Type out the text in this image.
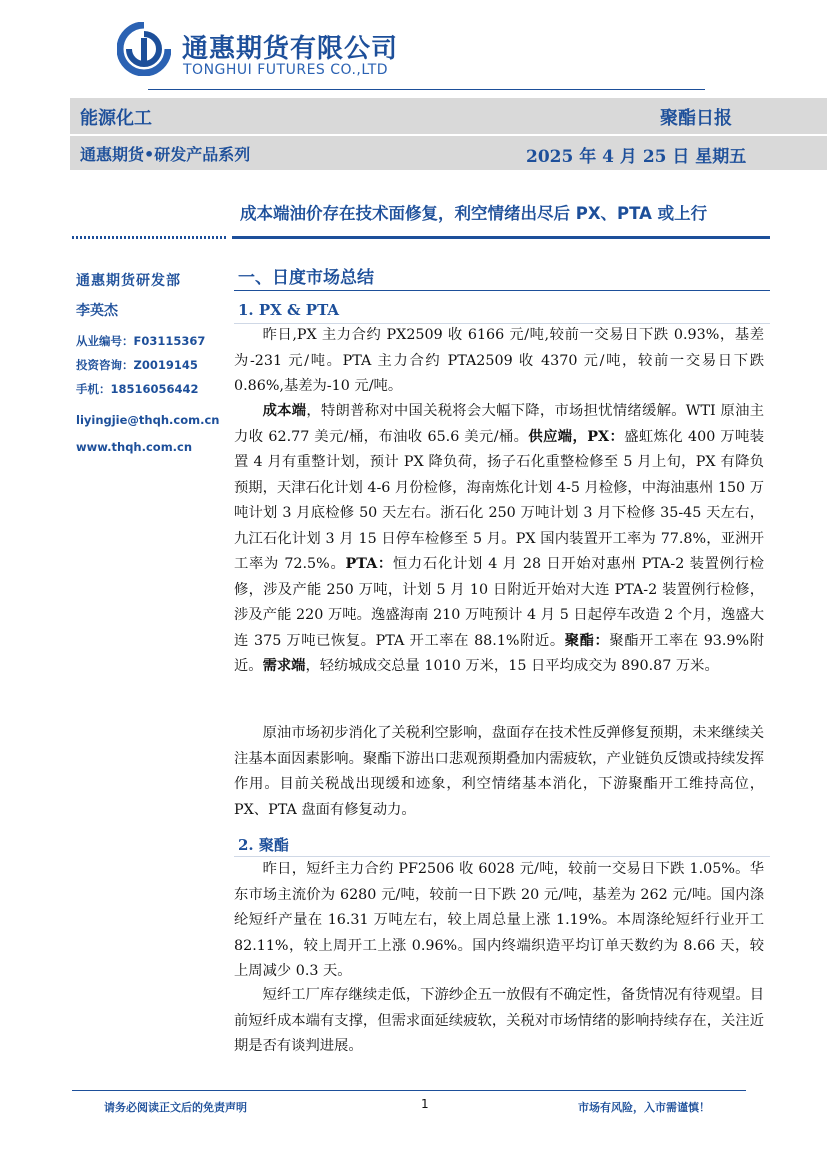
通惠期货有限公司
TONGHUI FUTURES CO.,LTD
能源化工	聚酯日报
通惠期货•研发产品系列	2025 年 4 月 25 日 星期五
成本端油价存在技术面修复，利空情绪出尽后 PX、PTA 或上行
通惠期货研发部
李英杰
从业编号：F03115367
投资咨询：Z0019145
手机：18516056442
liyingjie@thqh.com.cn
www.thqh.com.cn
一、日度市场总结
1. PX & PTA
昨日,PX 主力合约 PX2509 收 6166 元/吨,较前一交易日下跌 0.93%，基差为-231 元/吨。PTA 主力合约 PTA2509 收 4370 元/吨，较前一交易日下跌 0.86%,基差为-10 元/吨。
成本端，特朗普称对中国关税将会大幅下降，市场担忧情绪缓解。WTI 原油主力收 62.77 美元/桶，布油收 65.6 美元/桶。供应端，PX：盛虹炼化 400 万吨装置 4 月有重整计划，预计 PX 降负荷，扬子石化重整检修至 5 月上旬，PX 有降负预期，天津石化计划 4-6 月份检修，海南炼化计划 4-5 月检修，中海油惠州 150 万吨计划 3 月底检修 50 天左右。浙石化 250 万吨计划 3 月下检修 35-45 天左右，九江石化计划 3 月 15 日停车检修至 5 月。PX 国内装置开工率为 77.8%，亚洲开工率为 72.5%。PTA：恒力石化计划 4 月 28 日开始对惠州 PTA-2 装置例行检修，涉及产能 250 万吨，计划 5 月 10 日附近开始对大连 PTA-2 装置例行检修，涉及产能 220 万吨。逸盛海南 210 万吨预计 4 月 5 日起停车改造 2 个月，逸盛大连 375 万吨已恢复。PTA 开工率在 88.1%附近。聚酯：聚酯开工率在 93.9%附近。需求端，轻纺城成交总量 1010 万米，15 日平均成交为 890.87 万米。
原油市场初步消化了关税利空影响，盘面存在技术性反弹修复预期，未来继续关注基本面因素影响。聚酯下游出口悲观预期叠加内需疲软，产业链负反馈或持续发挥作用。目前关税战出现缓和迹象，利空情绪基本消化，下游聚酯开工维持高位，PX、PTA 盘面有修复动力。
2. 聚酯
昨日，短纤主力合约 PF2506 收 6028 元/吨，较前一交易日下跌 1.05%。华东市场主流价为 6280 元/吨，较前一日下跌 20 元/吨，基差为 262 元/吨。国内涤纶短纤产量在 16.31 万吨左右，较上周总量上涨 1.19%。本周涤纶短纤行业开工 82.11%，较上周开工上涨 0.96%。国内终端织造平均订单天数约为 8.66 天，较上周减少 0.3 天。
短纤工厂库存继续走低，下游纱企五一放假有不确定性，备货情况有待观望。目前短纤成本端有支撑，但需求面延续疲软，关税对市场情绪的影响持续存在，关注近期是否有谈判进展。
请务必阅读正文后的免责声明	1	市场有风险，入市需谨慎！
